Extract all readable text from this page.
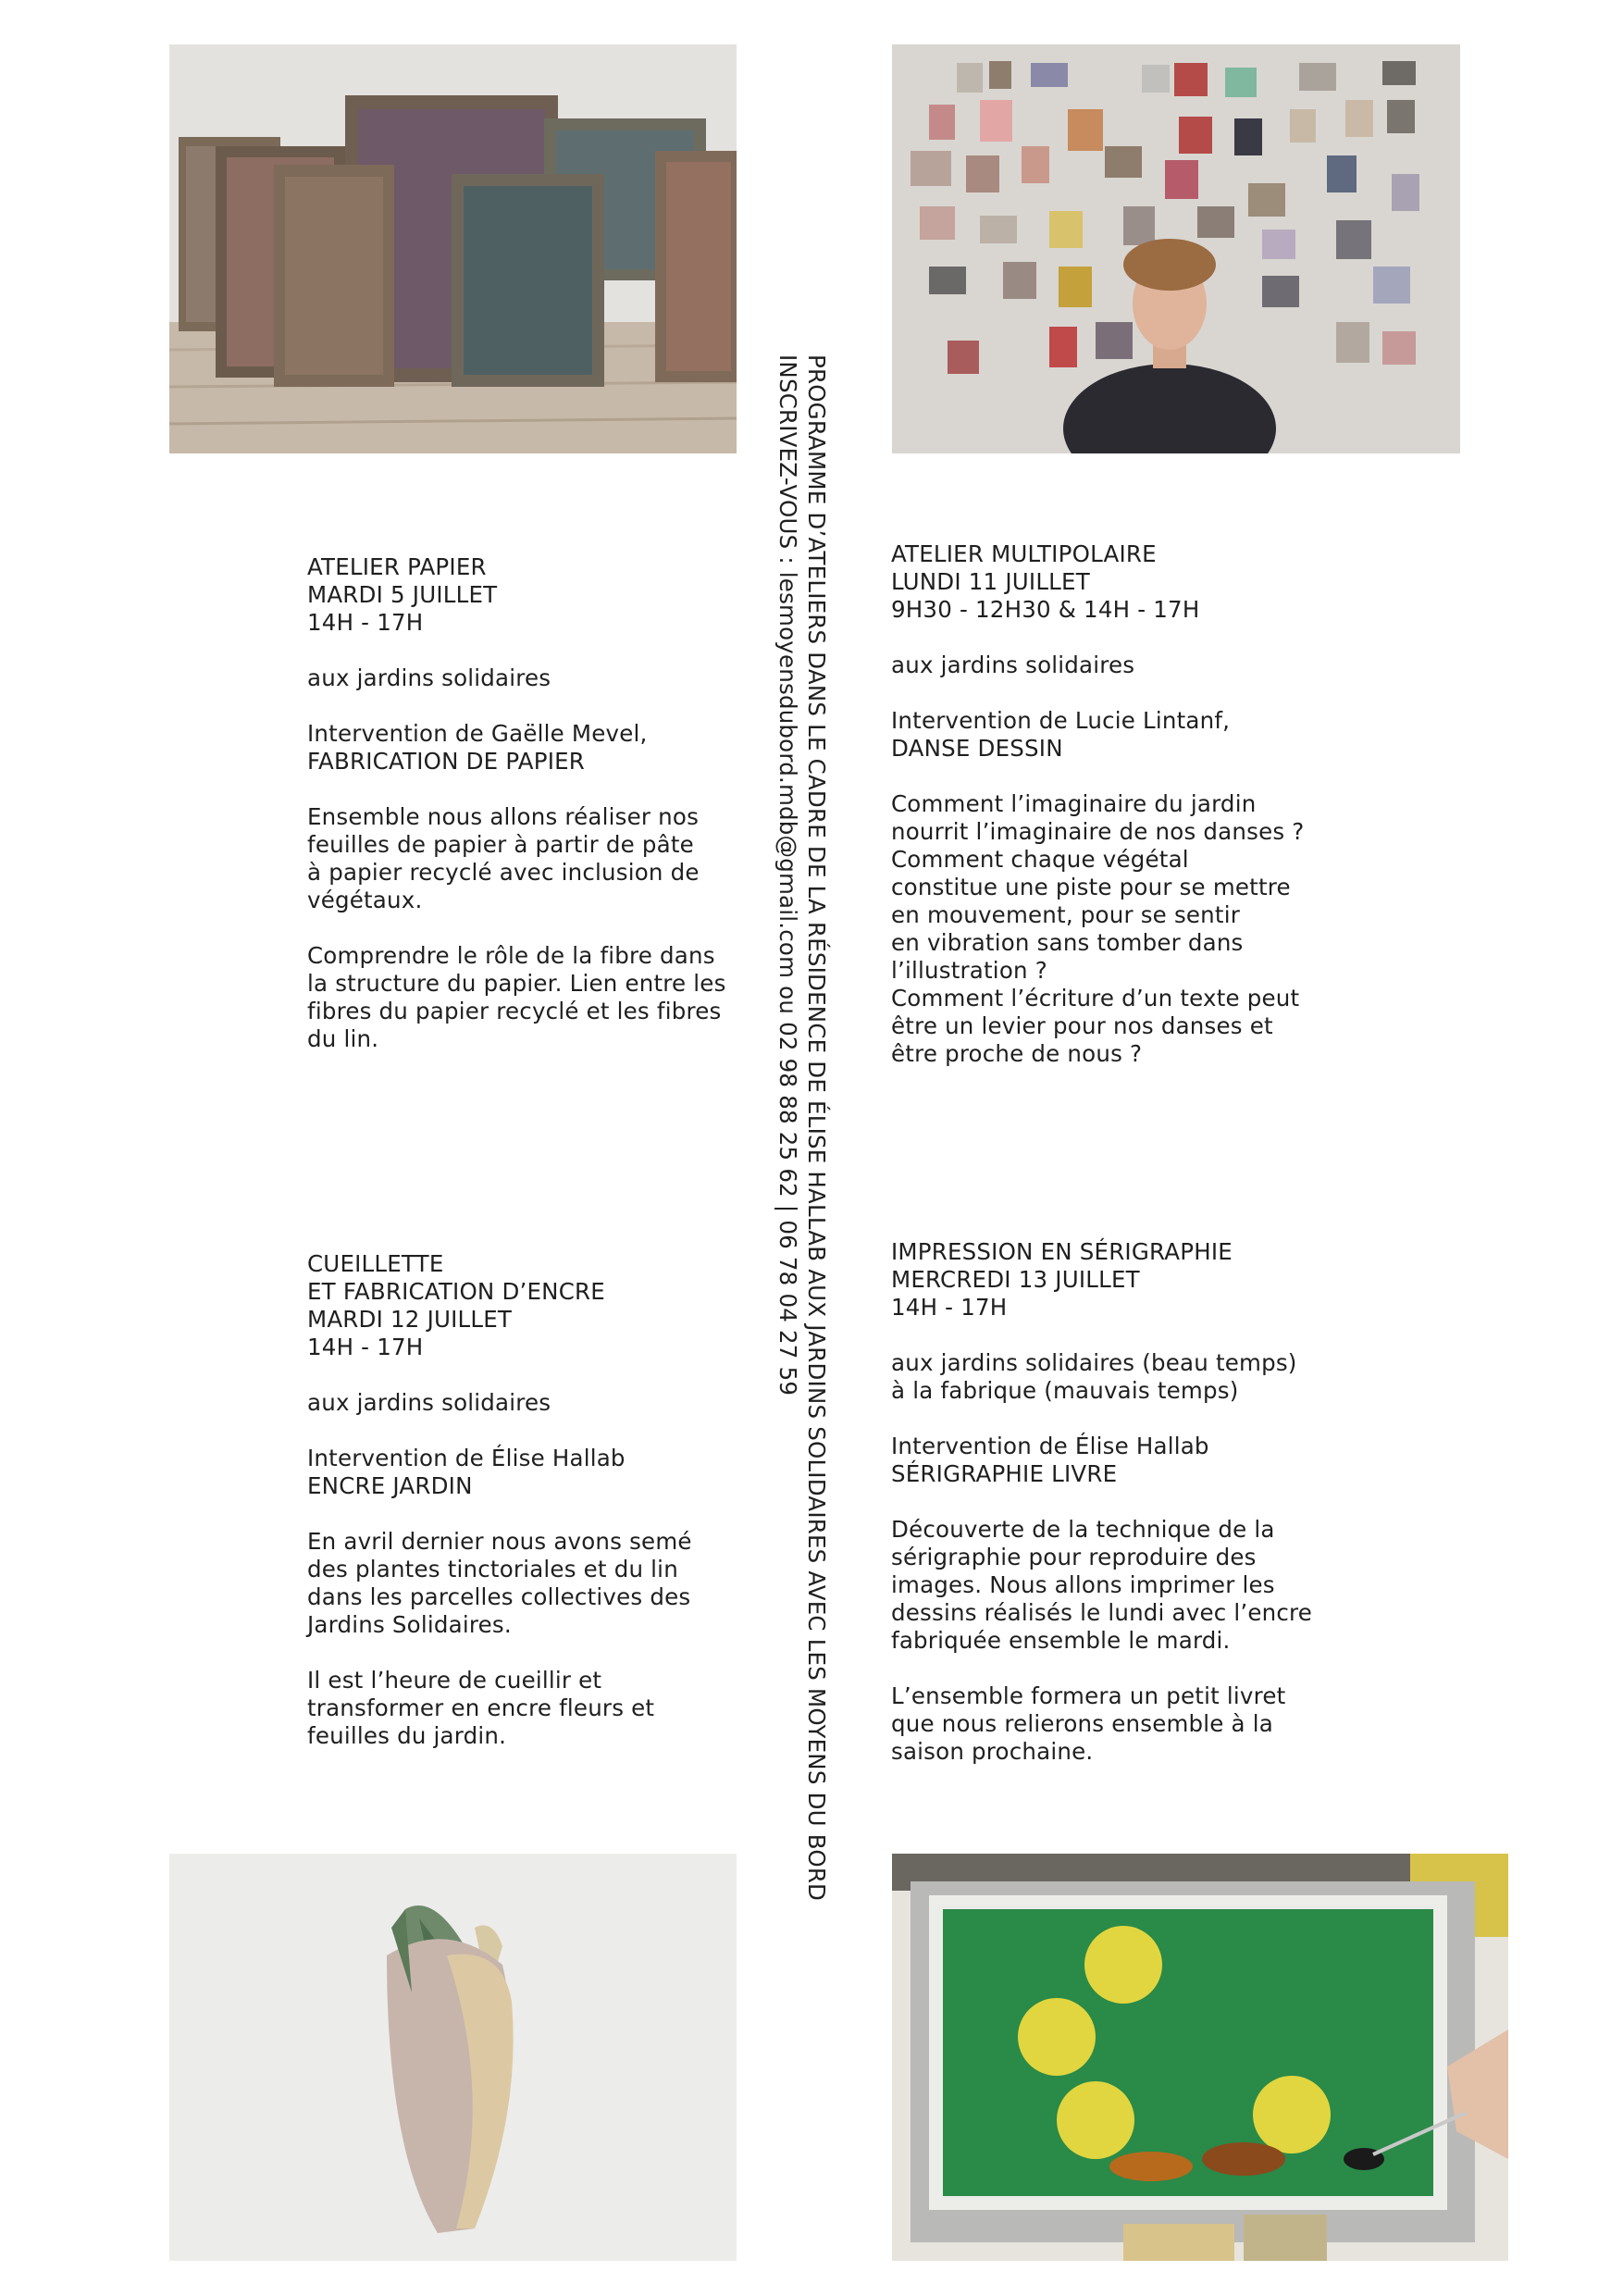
PROGRAMME D’ATELIERS DANS LE CADRE DE LA RÉSIDENCE DE ÉLISE HALLAB AUX JARDINS SOLIDAIRES AVEC LES MOYENS DU BORD
INSCRIVEZ-VOUS : lesmoyensdubord.mdb@gmail.com ou 02 98 88 25 62 | 06 78 04 27 59

ATELIER PAPIER
MARDI 5 JUILLET
14H - 17H

aux jardins solidaires

Intervention de Gaëlle Mevel,
FABRICATION DE PAPIER

Ensemble nous allons réaliser nos
feuilles de papier à partir de pâte
à papier recyclé avec inclusion de
végétaux.

Comprendre le rôle de la fibre dans
la structure du papier. Lien entre les
fibres du papier recyclé et les fibres
du lin.

ATELIER MULTIPOLAIRE
LUNDI 11 JUILLET
9H30 - 12H30 & 14H - 17H

aux jardins solidaires

Intervention de Lucie Lintanf,
DANSE DESSIN

Comment l’imaginaire du jardin
nourrit l’imaginaire de nos danses ?
Comment chaque végétal
constitue une piste pour se mettre
en mouvement, pour se sentir
en vibration sans tomber dans
l’illustration ?
Comment l’écriture d’un texte peut
être un levier pour nos danses et
être proche de nous ?

CUEILLETTE
ET FABRICATION D’ENCRE
MARDI 12 JUILLET
14H - 17H

aux jardins solidaires

Intervention de Élise Hallab
ENCRE JARDIN

En avril dernier nous avons semé
des plantes tinctoriales et du lin
dans les parcelles collectives des
Jardins Solidaires.

Il est l’heure de cueillir et
transformer en encre fleurs et
feuilles du jardin.

IMPRESSION EN SÉRIGRAPHIE
MERCREDI 13 JUILLET
14H - 17H

aux jardins solidaires (beau temps)
à la fabrique (mauvais temps)

Intervention de Élise Hallab
SÉRIGRAPHIE LIVRE

Découverte de la technique de la
sérigraphie pour reproduire des
images. Nous allons imprimer les
dessins réalisés le lundi avec l’encre
fabriquée ensemble le mardi.

L’ensemble formera un petit livret
que nous relierons ensemble à la
saison prochaine.
